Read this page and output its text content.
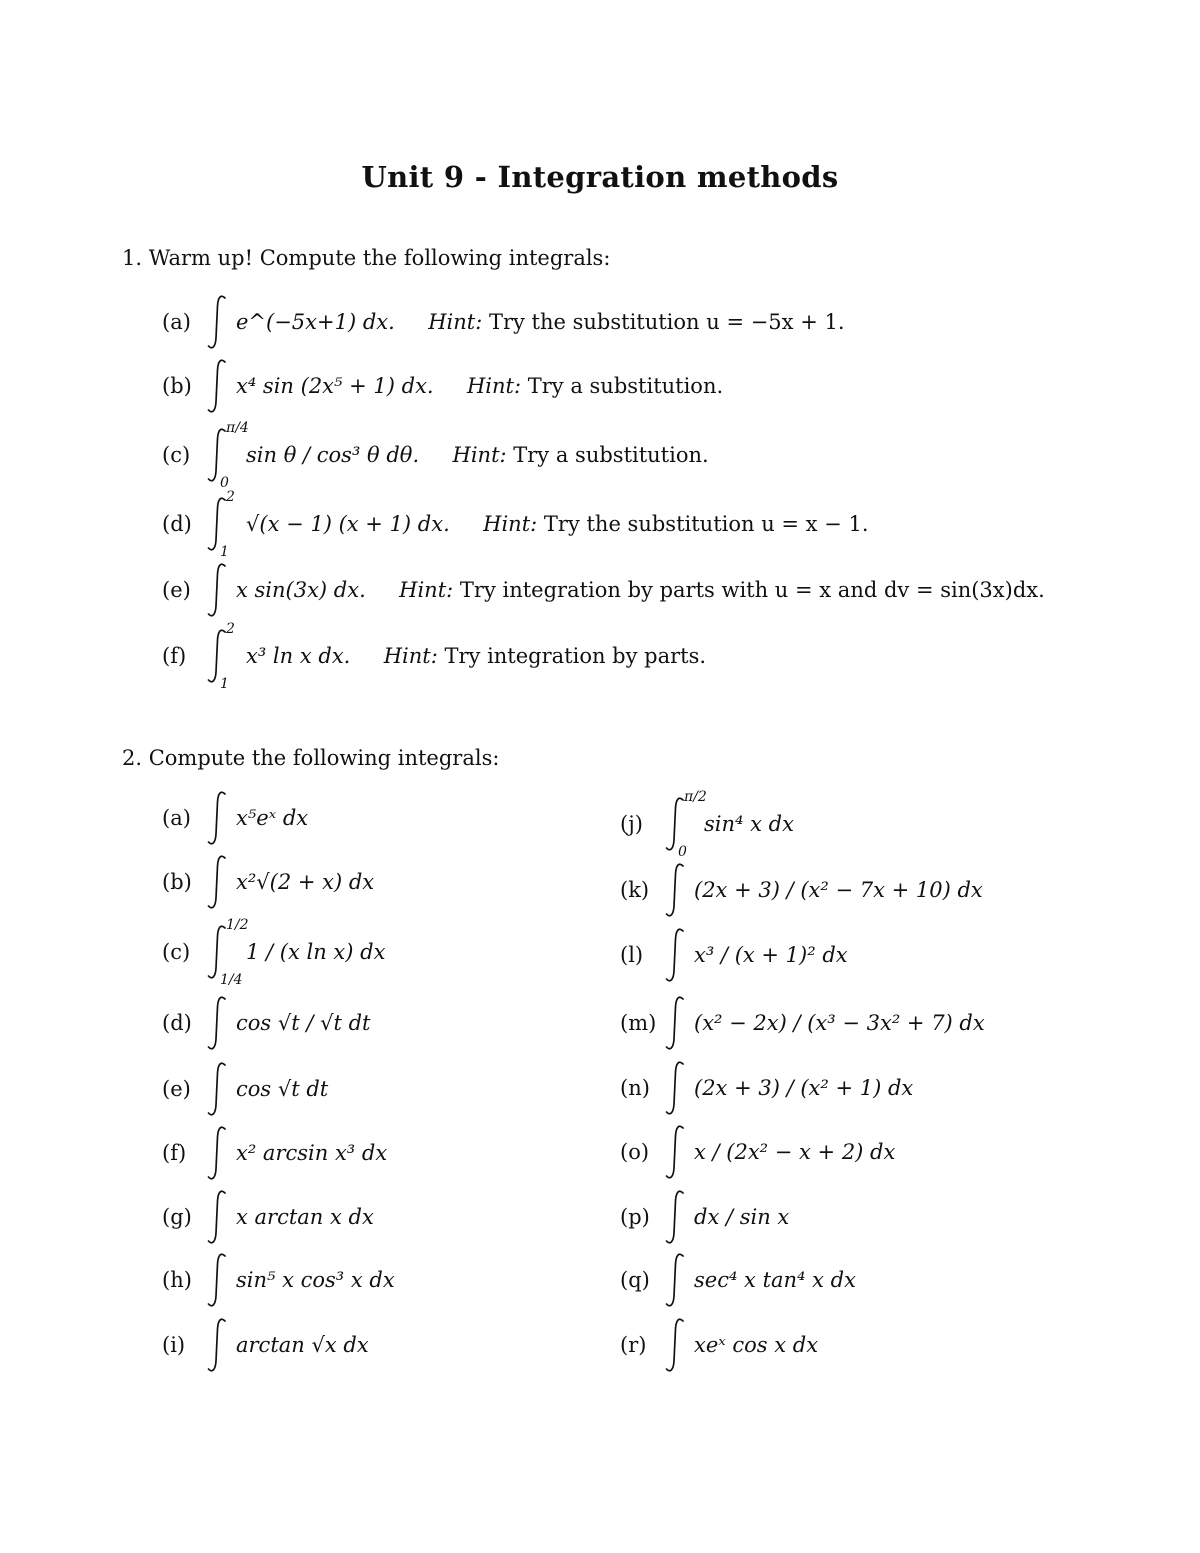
Unit 9 - Integration methods
1. Warm up! Compute the following integrals:
(a) e^(−5x+1) dx. Hint: Try the substitution u = −5x + 1.
(b) x⁴ sin (2x⁵ + 1) dx. Hint: Try a substitution.
(c)
π/4
0
sin θ / cos³ θ dθ. Hint: Try a substitution.
(d)
2
1
√(x − 1) (x + 1) dx. Hint: Try the substitution u = x − 1.
(e) x sin(3x) dx. Hint: Try integration by parts with u = x and dv = sin(3x)dx.
(f)
2
1
x³ ln x dx. Hint: Try integration by parts.
2. Compute the following integrals:
(a) x⁵eˣ dx
(b) x²√(2 + x) dx
(c)
1/2
1/4
1 / (x ln x) dx
(d) cos √t / √t dt
(e) cos √t dt
(f) x² arcsin x³ dx
(g) x arctan x dx
(h) sin⁵ x cos³ x dx
(i) arctan √x dx
(j)
π/2
0
sin⁴ x dx
(k) (2x + 3) / (x² − 7x + 10) dx
(l) x³ / (x + 1)² dx
(m) (x² − 2x) / (x³ − 3x² + 7) dx
(n) (2x + 3) / (x² + 1) dx
(o) x / (2x² − x + 2) dx
(p) dx / sin x
(q) sec⁴ x tan⁴ x dx
(r) xeˣ cos x dx
